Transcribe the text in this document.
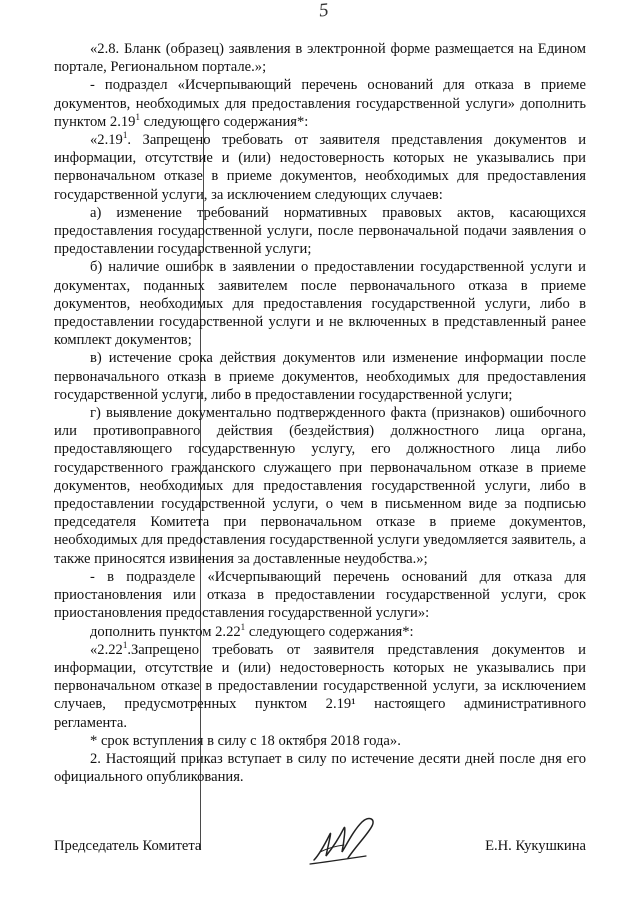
5

«2.8. Бланк (образец) заявления в электронной форме размещается на Едином портале, Региональном портале.»;

- подраздел «Исчерпывающий перечень оснований для отказа в приеме документов, необходимых для предоставления государственной услуги» дополнить пунктом 2.19$^1$ следующего содержания*:

«2.19$^1$. Запрещено требовать от заявителя представления документов и информации, отсутствие и (или) недостоверность которых не указывались при первоначальном отказе в приеме документов, необходимых для предоставления государственной услуги, за исключением следующих случаев:

а) изменение требований нормативных правовых актов, касающихся предоставления государственной услуги, после первоначальной подачи заявления о предоставлении государственной услуги;

б) наличие ошибок в заявлении о предоставлении государственной услуги и документах, поданных заявителем после первоначального отказа в приеме документов, необходимых для предоставления государственной услуги, либо в предоставлении государственной услуги и не включенных в представленный ранее комплект документов;

в) истечение срока действия документов или изменение информации после первоначального отказа в приеме документов, необходимых для предоставления государственной услуги, либо в предоставлении государственной услуги;

г) выявление документально подтвержденного факта (признаков) ошибочного или противоправного действия (бездействия) должностного лица органа, предоставляющего государственную услугу, его должностного лица либо государственного гражданского служащего при первоначальном отказе в приеме документов, необходимых для предоставления государственной услуги, либо в предоставлении государственной услуги, о чем в письменном виде за подписью председателя Комитета при первоначальном отказе в приеме документов, необходимых для предоставления государственной услуги уведомляется заявитель, а также приносятся извинения за доставленные неудобства.»;

- в подразделе «Исчерпывающий перечень оснований для отказа для приостановления или отказа в предоставлении государственной услуги, срок приостановления предоставления государственной услуги»:

дополнить пунктом 2.22$^1$ следующего содержания*:

«2.22$^1$.Запрещено требовать от заявителя представления документов и информации, отсутствие и (или) недостоверность которых не указывались при первоначальном отказе в предоставлении государственной услуги, за исключением случаев, предусмотренных пунктом 2.19¹ настоящего административного регламента.

* срок вступления в силу с 18 октября 2018 года».

2. Настоящий приказ вступает в силу по истечение десяти дней после дня его официального опубликования.

Председатель Комитета	Е.Н. Кукушкина
